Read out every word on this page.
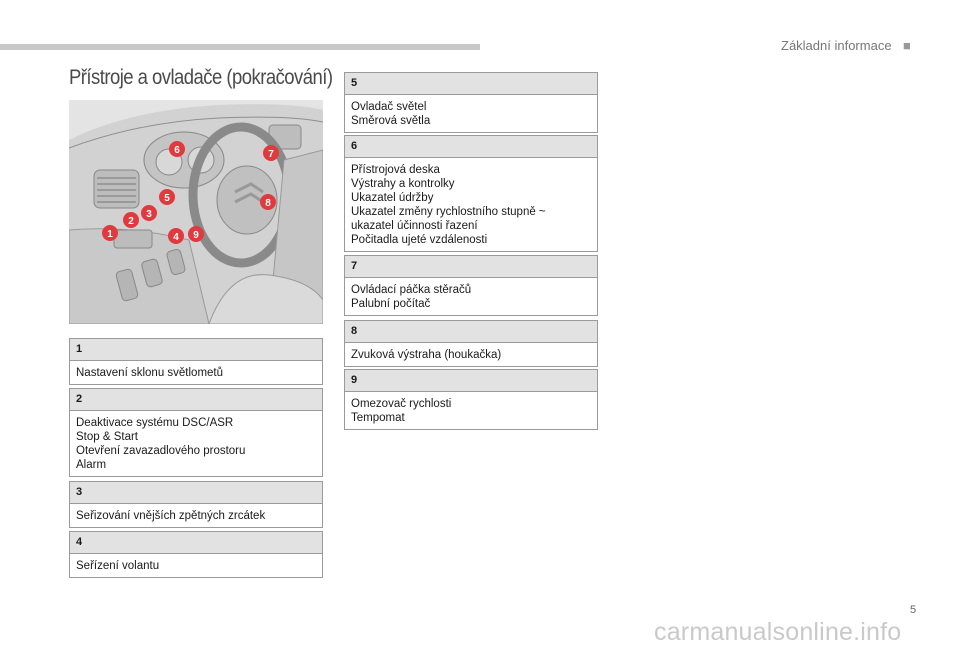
Základní informace ■
Přístroje a ovladače (pokračování)
1
2
3
4
5
6	7
8
9
1
Nastavení sklonu světlometů
2
Deaktivace systému DSC/ASR
Stop & Start
Otevření zavazadlového prostoru
Alarm
3
Seřizování vnějších zpětných zrcátek
4
Seřízení volantu
5
Ovladač světel
Směrová světla
6
Přístrojová deska
Výstrahy a kontrolky
Ukazatel údržby
Ukazatel změny rychlostního stupně ~
ukazatel účinnosti řazení
Počitadla ujeté vzdálenosti
7
Ovládací páčka stěračů
Palubní počítač
8
Zvuková výstraha (houkačka)
9
Omezovač rychlosti
Tempomat
5
carmanualsonline.info
